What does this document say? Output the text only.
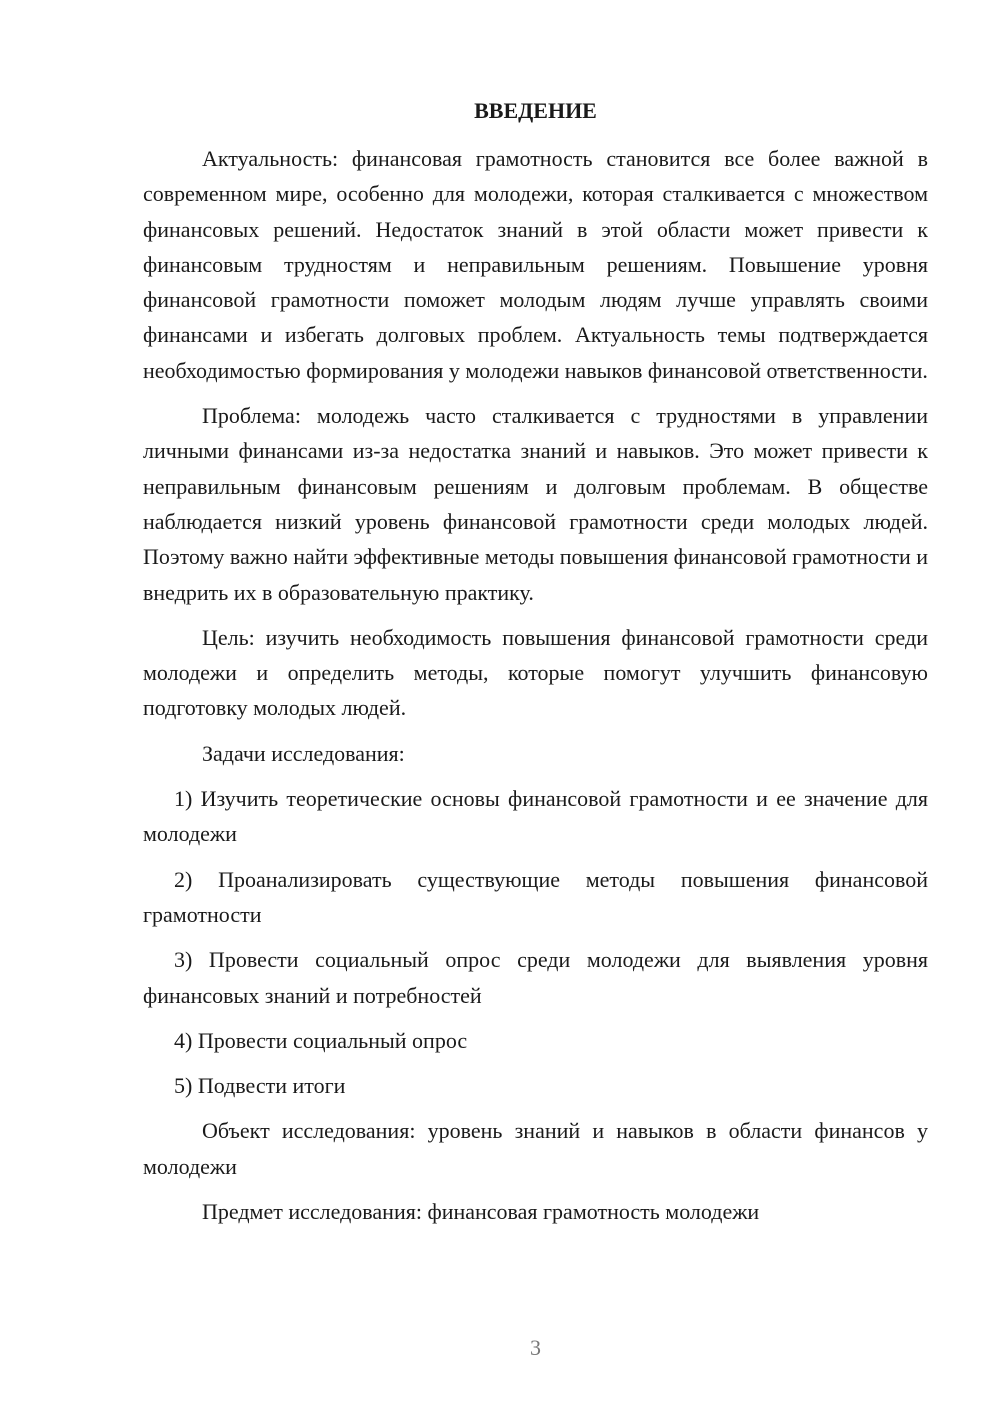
ВВЕДЕНИЕ

Актуальность: финансовая грамотность становится все более важной в современном мире, особенно для молодежи, которая сталкивается с множеством финансовых решений. Недостаток знаний в этой области может привести к финансовым трудностям и неправильным решениям. Повышение уровня финансовой грамотности поможет молодым людям лучше управлять своими финансами и избегать долговых проблем. Актуальность темы подтверждается необходимостью формирования у молодежи навыков финансовой ответственности.

Проблема: молодежь часто сталкивается с трудностями в управлении личными финансами из-за недостатка знаний и навыков. Это может привести к неправильным финансовым решениям и долговым проблемам. В обществе наблюдается низкий уровень финансовой грамотности среди молодых людей. Поэтому важно найти эффективные методы повышения финансовой грамотности и внедрить их в образовательную практику.

Цель: изучить необходимость повышения финансовой грамотности среди молодежи и определить методы, которые помогут улучшить финансовую подготовку молодых людей.

Задачи исследования:

1) Изучить теоретические основы финансовой грамотности и ее значение для молодежи

2) Проанализировать существующие методы повышения финансовой грамотности

3) Провести социальный опрос среди молодежи для выявления уровня финансовых знаний и потребностей

4) Провести социальный опрос

5) Подвести итоги

Объект исследования: уровень знаний и навыков в области финансов у молодежи

Предмет исследования: финансовая грамотность молодежи

3
